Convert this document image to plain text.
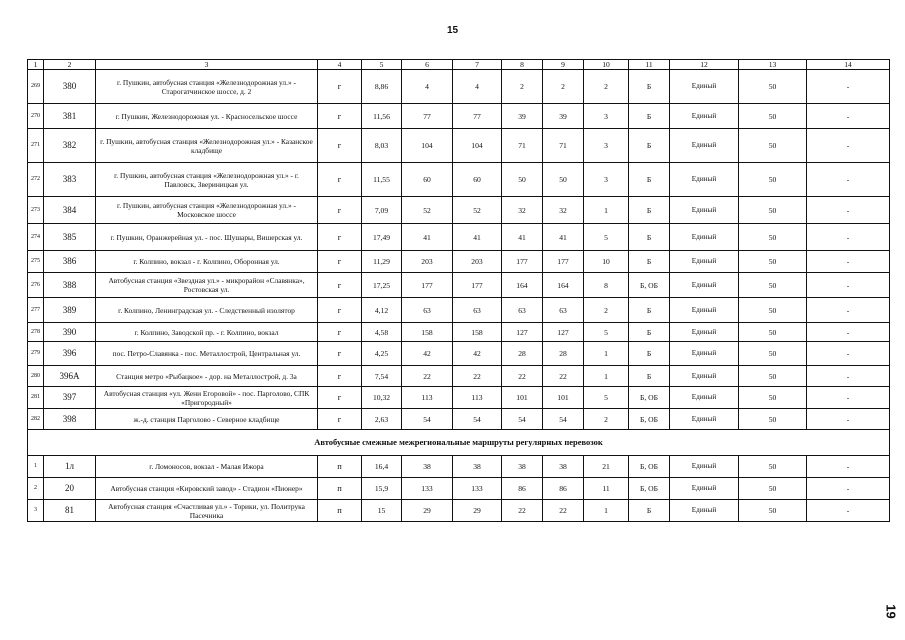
15
1	2	3	4	5	6	7	8	9	10	11	12	13	14
269	380	г. Пушкин, автобусная станция «Железнодорожная ул.» - Старогатчинское шоссе, д. 2	г	8,86	4	4	2	2	2	Б	Единый	50	-
270	381	г. Пушкин, Железнодорожная ул. - Красносельское шоссе	г	11,56	77	77	39	39	3	Б	Единый	50	-
271	382	г. Пушкин, автобусная станция «Железнодорожная ул.» - Казанское кладбище	г	8,03	104	104	71	71	3	Б	Единый	50	-
272	383	г. Пушкин, автобусная станция «Железнодорожная ул.» - г. Павловск, Звериницкая ул.	г	11,55	60	60	50	50	3	Б	Единый	50	-
273	384	г. Пушкин, автобусная станция «Железнодорожная ул.» - Московское шоссе	г	7,09	52	52	32	32	1	Б	Единый	50	-
274	385	г. Пушкин, Оранжерейная ул. - пос. Шушары, Вишерская ул.	г	17,49	41	41	41	41	5	Б	Единый	50	-
275	386	г. Колпино, вокзал - г. Колпино, Оборонная ул.	г	11,29	203	203	177	177	10	Б	Единый	50	-
276	388	Автобусная станция «Звездная ул.» - микрорайон «Славянка», Ростовская ул.	г	17,25	177	177	164	164	8	Б, ОБ	Единый	50	-
277	389	г. Колпино, Ленинградская ул. - Следственный изолятор	г	4,12	63	63	63	63	2	Б	Единый	50	-
278	390	г. Колпино, Заводской пр. - г. Колпино, вокзал	г	4,58	158	158	127	127	5	Б	Единый	50	-
279	396	пос. Петро-Славянка - пос. Металлострой, Центральная ул.	г	4,25	42	42	28	28	1	Б	Единый	50	-
280	396А	Станция метро «Рыбацкое» - дор. на Металлострой, д. 3а	г	7,54	22	22	22	22	1	Б	Единый	50	-
281	397	Автобусная станция «ул. Жени Егоровой» - пос. Парголово, СПК «Пригородный»	г	10,32	113	113	101	101	5	Б, ОБ	Единый	50	-
282	398	ж.-д. станция Парголово - Северное кладбище	г	2,63	54	54	54	54	2	Б, ОБ	Единый	50	-
Автобусные смежные межрегиональные маршруты регулярных перевозок													
1	1л	г. Ломоносов, вокзал - Малая Ижора	п	16,4	38	38	38	38	21	Б, ОБ	Единый	50	-
2	20	Автобусная станция «Кировский завод» - Стадион «Пионер»	п	15,9	133	133	86	86	11	Б, ОБ	Единый	50	-
3	81	Автобусная станция «Счастливая ул.» - Торики, ул. Политрука Пасечника	п	15	29	29	22	22	1	Б	Единый	50	-
19
